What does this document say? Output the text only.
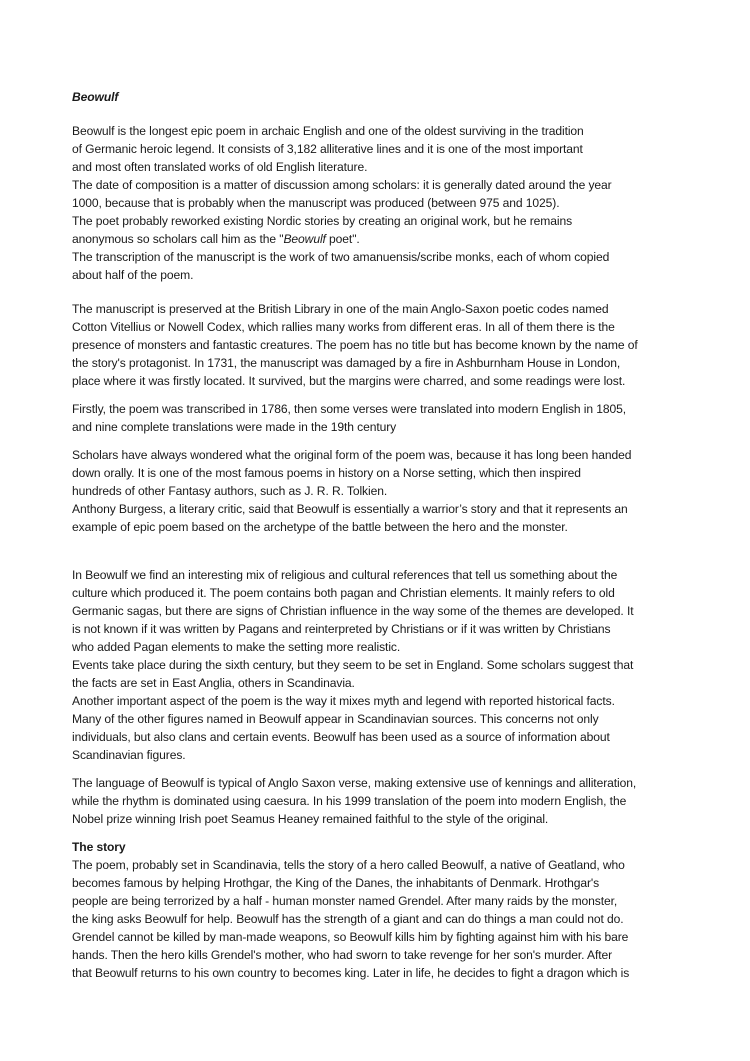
Beowulf
Beowulf is the longest epic poem in archaic English and one of the oldest surviving in the tradition
of Germanic heroic legend. It consists of 3,182 alliterative lines and it is one of the most important
and most often translated works of old English literature.
The date of composition is a matter of discussion among scholars: it is generally dated around the year
1000, because that is probably when the manuscript was produced (between 975 and 1025).
The poet probably reworked existing Nordic stories by creating an original work, but he remains
anonymous so scholars call him as the "Beowulf poet".
The transcription of the manuscript is the work of two amanuensis/scribe monks, each of whom copied
about half of the poem.
The manuscript is preserved at the British Library in one of the main Anglo-Saxon poetic codes named
Cotton Vitellius or Nowell Codex, which rallies many works from different eras. In all of them there is the
presence of monsters and fantastic creatures. The poem has no title but has become known by the name of
the story's protagonist. In 1731, the manuscript was damaged by a fire in Ashburnham House in London,
place where it was firstly located. It survived, but the margins were charred, and some readings were lost.
Firstly, the poem was transcribed in 1786, then some verses were translated into modern English in 1805,
and nine complete translations were made in the 19th century
Scholars have always wondered what the original form of the poem was, because it has long been handed
down orally. It is one of the most famous poems in history on a Norse setting, which then inspired
hundreds of other Fantasy authors, such as J. R. R. Tolkien.
Anthony Burgess, a literary critic, said that Beowulf is essentially a warrior’s story and that it represents an
example of epic poem based on the archetype of the battle between the hero and the monster.
In Beowulf we find an interesting mix of religious and cultural references that tell us something about the
culture which produced it. The poem contains both pagan and Christian elements. It mainly refers to old
Germanic sagas, but there are signs of Christian influence in the way some of the themes are developed. It
is not known if it was written by Pagans and reinterpreted by Christians or if it was written by Christians
who added Pagan elements to make the setting more realistic.
Events take place during the sixth century, but they seem to be set in England. Some scholars suggest that
the facts are set in East Anglia, others in Scandinavia.
Another important aspect of the poem is the way it mixes myth and legend with reported historical facts.
Many of the other figures named in Beowulf appear in Scandinavian sources. This concerns not only
individuals, but also clans and certain events. Beowulf has been used as a source of information about
Scandinavian figures.
The language of Beowulf is typical of Anglo Saxon verse, making extensive use of kennings and alliteration,
while the rhythm is dominated using caesura. In his 1999 translation of the poem into modern English, the
Nobel prize winning Irish poet Seamus Heaney remained faithful to the style of the original.
The story
The poem, probably set in Scandinavia, tells the story of a hero called Beowulf, a native of Geatland, who
becomes famous by helping Hrothgar, the King of the Danes, the inhabitants of Denmark. Hrothgar's
people are being terrorized by a half - human monster named Grendel. After many raids by the monster,
the king asks Beowulf for help. Beowulf has the strength of a giant and can do things a man could not do.
Grendel cannot be killed by man-made weapons, so Beowulf kills him by fighting against him with his bare
hands. Then the hero kills Grendel's mother, who had sworn to take revenge for her son's murder. After
that Beowulf returns to his own country to becomes king. Later in life, he decides to fight a dragon which is
